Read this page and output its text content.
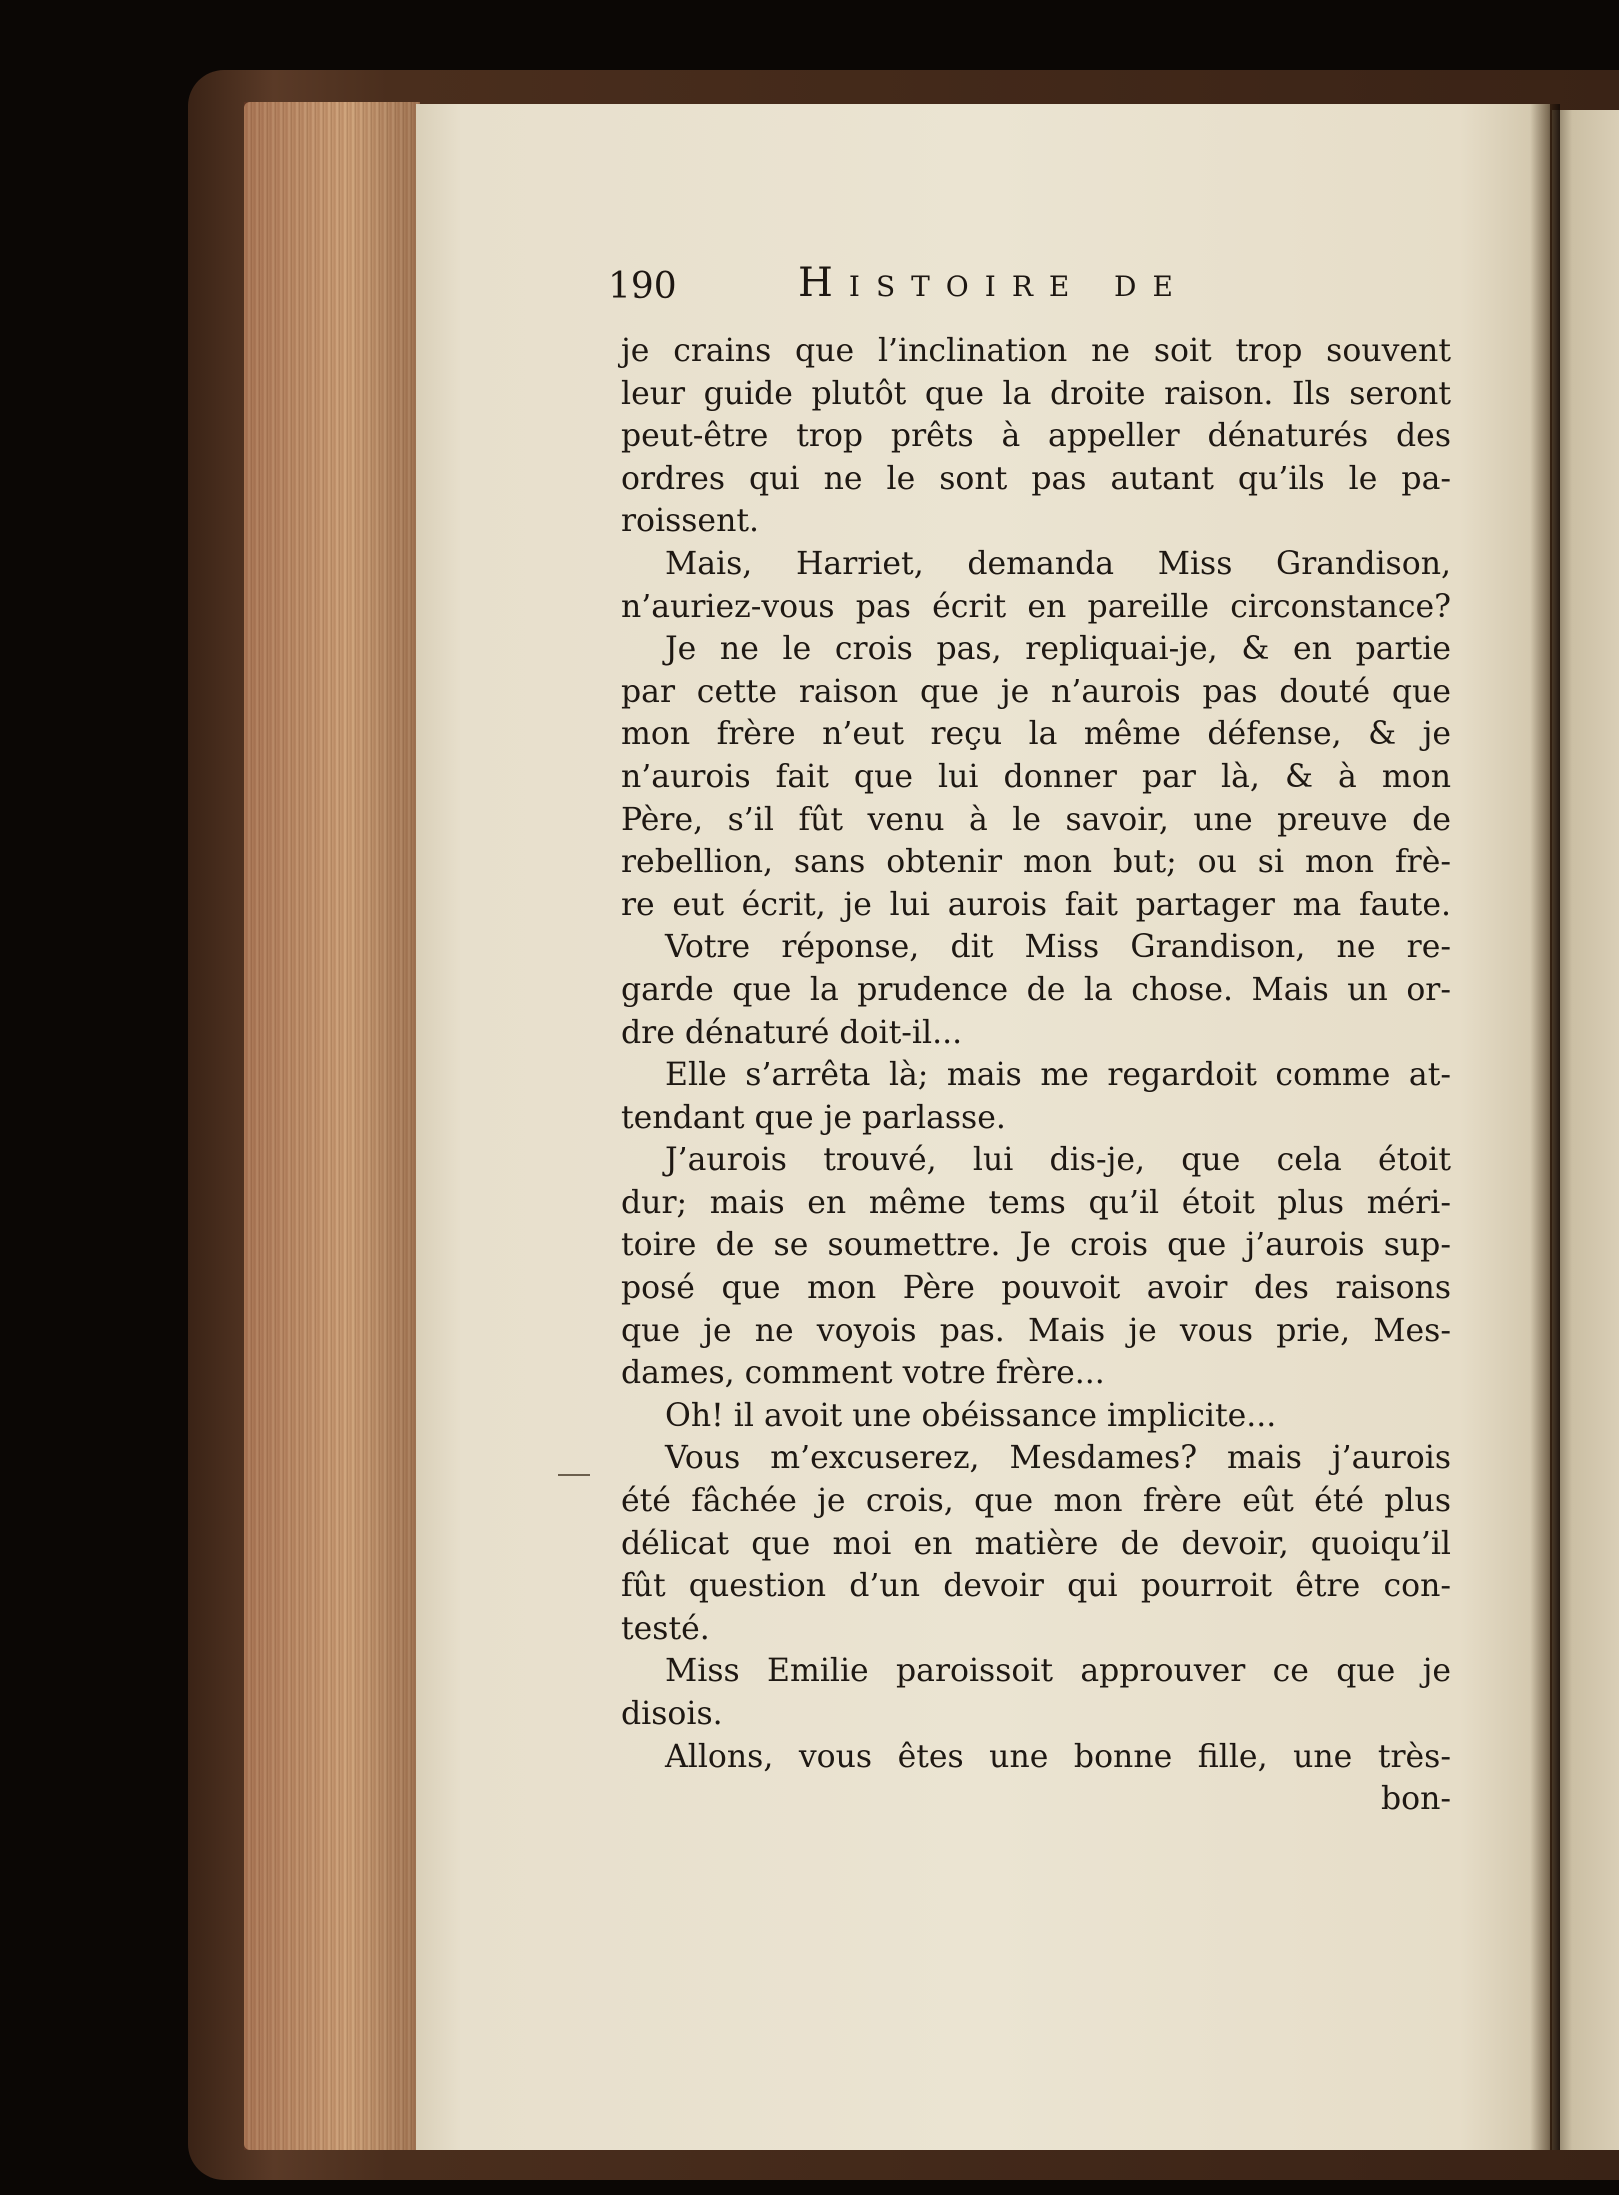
190	Histoire de
je crains que l’inclination ne soit trop souvent
leur guide plutôt que la droite raison. Ils seront
peut-être trop prêts à appeller dénaturés des
ordres qui ne le sont pas autant qu’ils le pa-
roissent.
Mais, Harriet, demanda Miss Grandison,
n’auriez-vous pas écrit en pareille circonstance?
Je ne le crois pas, repliquai-je, & en partie
par cette raison que je n’aurois pas douté que
mon frère n’eut reçu la même défense, & je
n’aurois fait que lui donner par là, & à mon
Père, s’il fût venu à le savoir, une preuve de
rebellion, sans obtenir mon but; ou si mon frè-
re eut écrit, je lui aurois fait partager ma faute.
Votre réponse, dit Miss Grandison, ne re-
garde que la prudence de la chose. Mais un or-
dre dénaturé doit-il...
Elle s’arrêta là; mais me regardoit comme at-
tendant que je parlasse.
J’aurois trouvé, lui dis-je, que cela étoit
dur; mais en même tems qu’il étoit plus méri-
toire de se soumettre. Je crois que j’aurois sup-
posé que mon Père pouvoit avoir des raisons
que je ne voyois pas. Mais je vous prie, Mes-
dames, comment votre frère...
Oh! il avoit une obéissance implicite...
Vous m’excuserez, Mesdames? mais j’aurois
été fâchée je crois, que mon frère eût été plus
délicat que moi en matière de devoir, quoiqu’il
fût question d’un devoir qui pourroit être con-
testé.
Miss Emilie paroissoit approuver ce que je
disois.
Allons, vous êtes une bonne fille, une très-
bon-
